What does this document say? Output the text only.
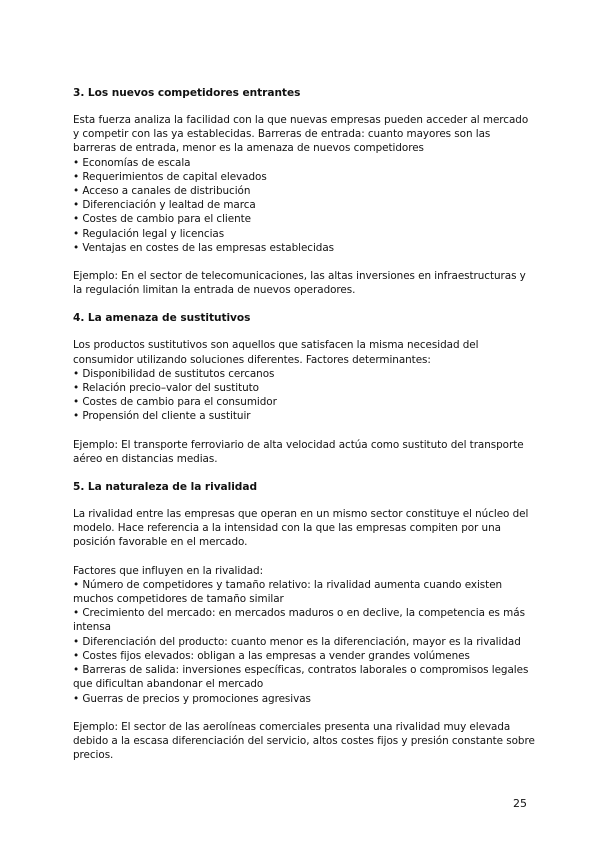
3. Los nuevos competidores entrantes

Esta fuerza analiza la facilidad con la que nuevas empresas pueden acceder al mercado y competir con las ya establecidas. Barreras de entrada: cuanto mayores son las barreras de entrada, menor es la amenaza de nuevos competidores

• Economías de escala
• Requerimientos de capital elevados
• Acceso a canales de distribución
• Diferenciación y lealtad de marca
• Costes de cambio para el cliente
• Regulación legal y licencias
• Ventajas en costes de las empresas establecidas

Ejemplo: En el sector de telecomunicaciones, las altas inversiones en infraestructuras y la regulación limitan la entrada de nuevos operadores.

4. La amenaza de sustitutivos

Los productos sustitutivos son aquellos que satisfacen la misma necesidad del consumidor utilizando soluciones diferentes. Factores determinantes:

• Disponibilidad de sustitutos cercanos
• Relación precio–valor del sustituto
• Costes de cambio para el consumidor
• Propensión del cliente a sustituir

Ejemplo: El transporte ferroviario de alta velocidad actúa como sustituto del transporte aéreo en distancias medias.

5. La naturaleza de la rivalidad

La rivalidad entre las empresas que operan en un mismo sector constituye el núcleo del modelo. Hace referencia a la intensidad con la que las empresas compiten por una posición favorable en el mercado.

Factores que influyen en la rivalidad:

• Número de competidores y tamaño relativo: la rivalidad aumenta cuando existen muchos competidores de tamaño similar
• Crecimiento del mercado: en mercados maduros o en declive, la competencia es más intensa
• Diferenciación del producto: cuanto menor es la diferenciación, mayor es la rivalidad
• Costes fijos elevados: obligan a las empresas a vender grandes volúmenes
• Barreras de salida: inversiones específicas, contratos laborales o compromisos legales que dificultan abandonar el mercado
• Guerras de precios y promociones agresivas

Ejemplo: El sector de las aerolíneas comerciales presenta una rivalidad muy elevada debido a la escasa diferenciación del servicio, altos costes fijos y presión constante sobre precios.

25
